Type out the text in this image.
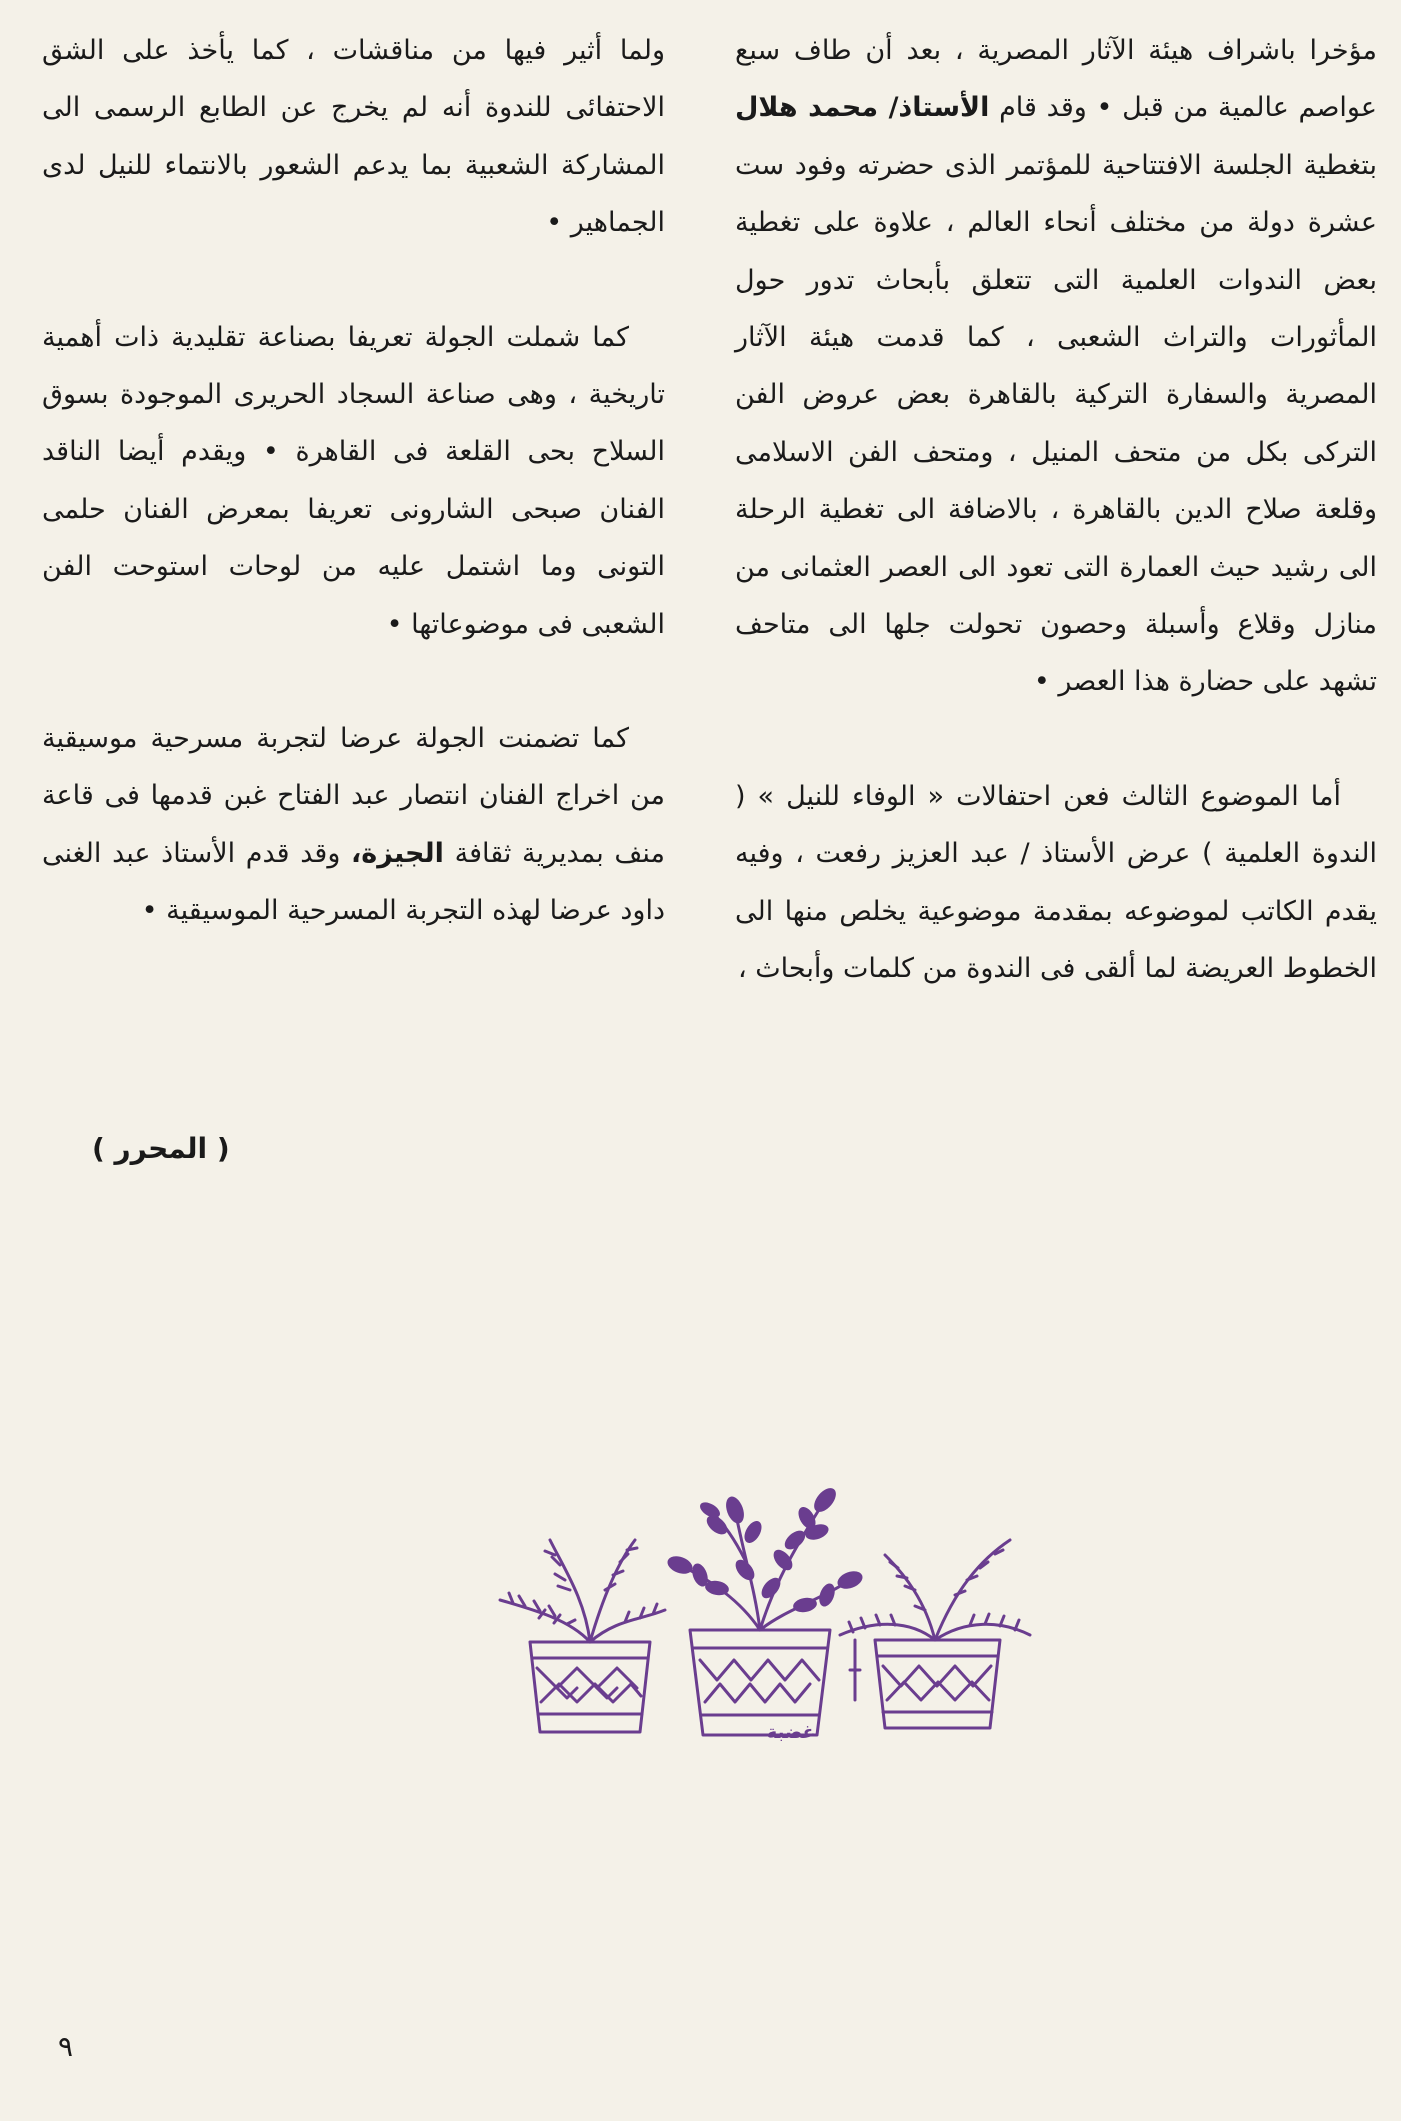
مؤخرا باشراف هيئة الآثار المصرية ، بعد أن طاف سبع عواصم عالمية من قبل • وقد قام الأستاذ/ محمد هلال بتغطية الجلسة الافتتاحية للمؤتمر الذى حضرته وفود ست عشرة دولة من مختلف أنحاء العالم ، علاوة على تغطية بعض الندوات العلمية التى تتعلق بأبحاث تدور حول المأثورات والتراث الشعبى ، كما قدمت هيئة الآثار المصرية والسفارة التركية بالقاهرة بعض عروض الفن التركى بكل من متحف المنيل ، ومتحف الفن الاسلامى وقلعة صلاح الدين بالقاهرة ، بالاضافة الى تغطية الرحلة الى رشيد حيث العمارة التى تعود الى العصر العثمانى من منازل وقلاع وأسبلة وحصون تحولت جلها الى متاحف تشهد على حضارة هذا العصر •

أما الموضوع الثالث فعن احتفالات « الوفاء للنيل » ( الندوة العلمية ) عرض الأستاذ / عبد العزيز رفعت ، وفيه يقدم الكاتب لموضوعه بمقدمة موضوعية يخلص منها الى الخطوط العريضة لما ألقى فى الندوة من كلمات وأبحاث ،

ولما أثير فيها من مناقشات ، كما يأخذ على الشق الاحتفائى للندوة أنه لم يخرج عن الطابع الرسمى الى المشاركة الشعبية بما يدعم الشعور بالانتماء للنيل لدى الجماهير •

كما شملت الجولة تعريفا بصناعة تقليدية ذات أهمية تاريخية ، وهى صناعة السجاد الحريرى الموجودة بسوق السلاح بحى القلعة فى القاهرة • ويقدم أيضا الناقد الفنان صبحى الشارونى تعريفا بمعرض الفنان حلمى التونى وما اشتمل عليه من لوحات استوحت الفن الشعبى فى موضوعاتها •

كما تضمنت الجولة عرضا لتجربة مسرحية موسيقية من اخراج الفنان انتصار عبد الفتاح غبن قدمها فى قاعة منف بمديرية ثقافة الجيزة، وقد قدم الأستاذ عبد الغنى داود عرضا لهذه التجربة المسرحية الموسيقية •

( المحرر )
غضبة
٩
